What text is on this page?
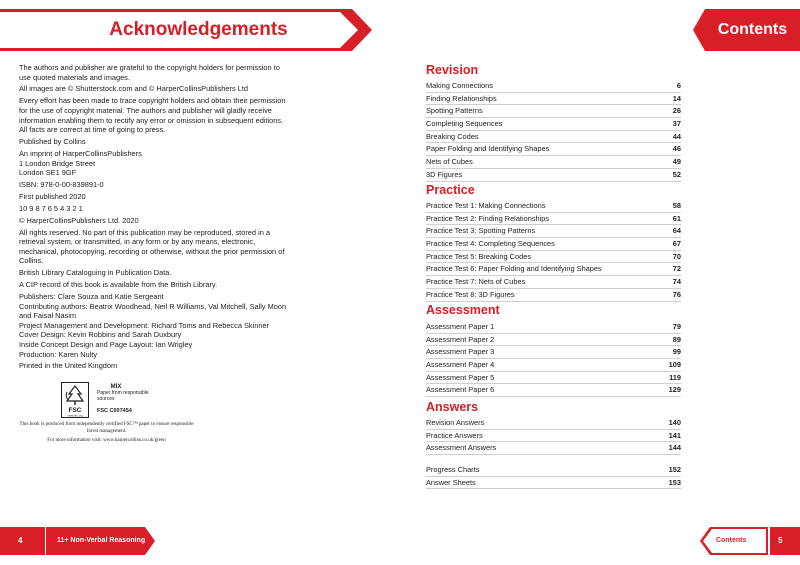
Acknowledgements

The authors and publisher are grateful to the copyright holders for permission to use quoted materials and images.

All images are © Shutterstock.com and © HarperCollinsPublishers Ltd

Every effort has been made to trace copyright holders and obtain their permission for the use of copyright material. The authors and publisher will gladly receive information enabling them to rectify any error or omission in subsequent editions. All facts are correct at time of going to press.

Published by Collins

An imprint of HarperCollinsPublishers
1 London Bridge Street

London SE1 9GF

ISBN: 978-0-00-839891-0

First published 2020

10 9 8 7 6 5 4 3 2 1

© HarperCollinsPublishers Ltd. 2020

All rights reserved. No part of this publication may be reproduced, stored in a retrieval system, or transmitted, in any form or by any means, electronic, mechanical, photocopying, recording or otherwise, without the prior permission of Collins.

British Library Cataloguing in Publication Data.

A CIP record of this book is available from the British Library.

Publishers: Clare Souza and Katie Sergeant
Contributing authors: Beatrix Woodhead, Neil R Williams, Val Mitchell, Sally Moon and Faisal Nasim
Project Management and Development: Richard Toms and Rebecca Skinner
Cover Design: Kevin Robbins and Sarah Duxbury
Inside Concept Design and Page Layout: Ian Wrigley

Production: Karen Nulty

Printed in the United Kingdom

FSC
www.fsc.org
MIX
Paper from responsible sources
FSC C007454
This book is produced from independently certified FSC™ paper to ensure responsible forest management.
For more information visit: www.harpercollins.co.uk/green
4	11+ Non-Verbal Reasoning
Contents
Revision
Making Connections	6
Finding Relationships	14
Spotting Patterns	26
Completing Sequences	37
Breaking Codes	44
Paper Folding and Identifying Shapes	46
Nets of Cubes	49
3D Figures	52
Practice
Practice Test 1: Making Connections	58
Practice Test 2: Finding Relationships	61
Practice Test 3: Spotting Patterns	64
Practice Test 4: Completing Sequences	67
Practice Test 5: Breaking Codes	70
Practice Test 6: Paper Folding and Identifying Shapes	72
Practice Test 7: Nets of Cubes	74
Practice Test 8: 3D Figures	76
Assessment
Assessment Paper 1	79
Assessment Paper 2	89
Assessment Paper 3	99
Assessment Paper 4	109
Assessment Paper 5	119
Assessment Paper 6	129
Answers
Revision Answers	140
Practice Answers	141
Assessment Answers	144
Progress Charts	152
Answer Sheets	153
Contents	5
